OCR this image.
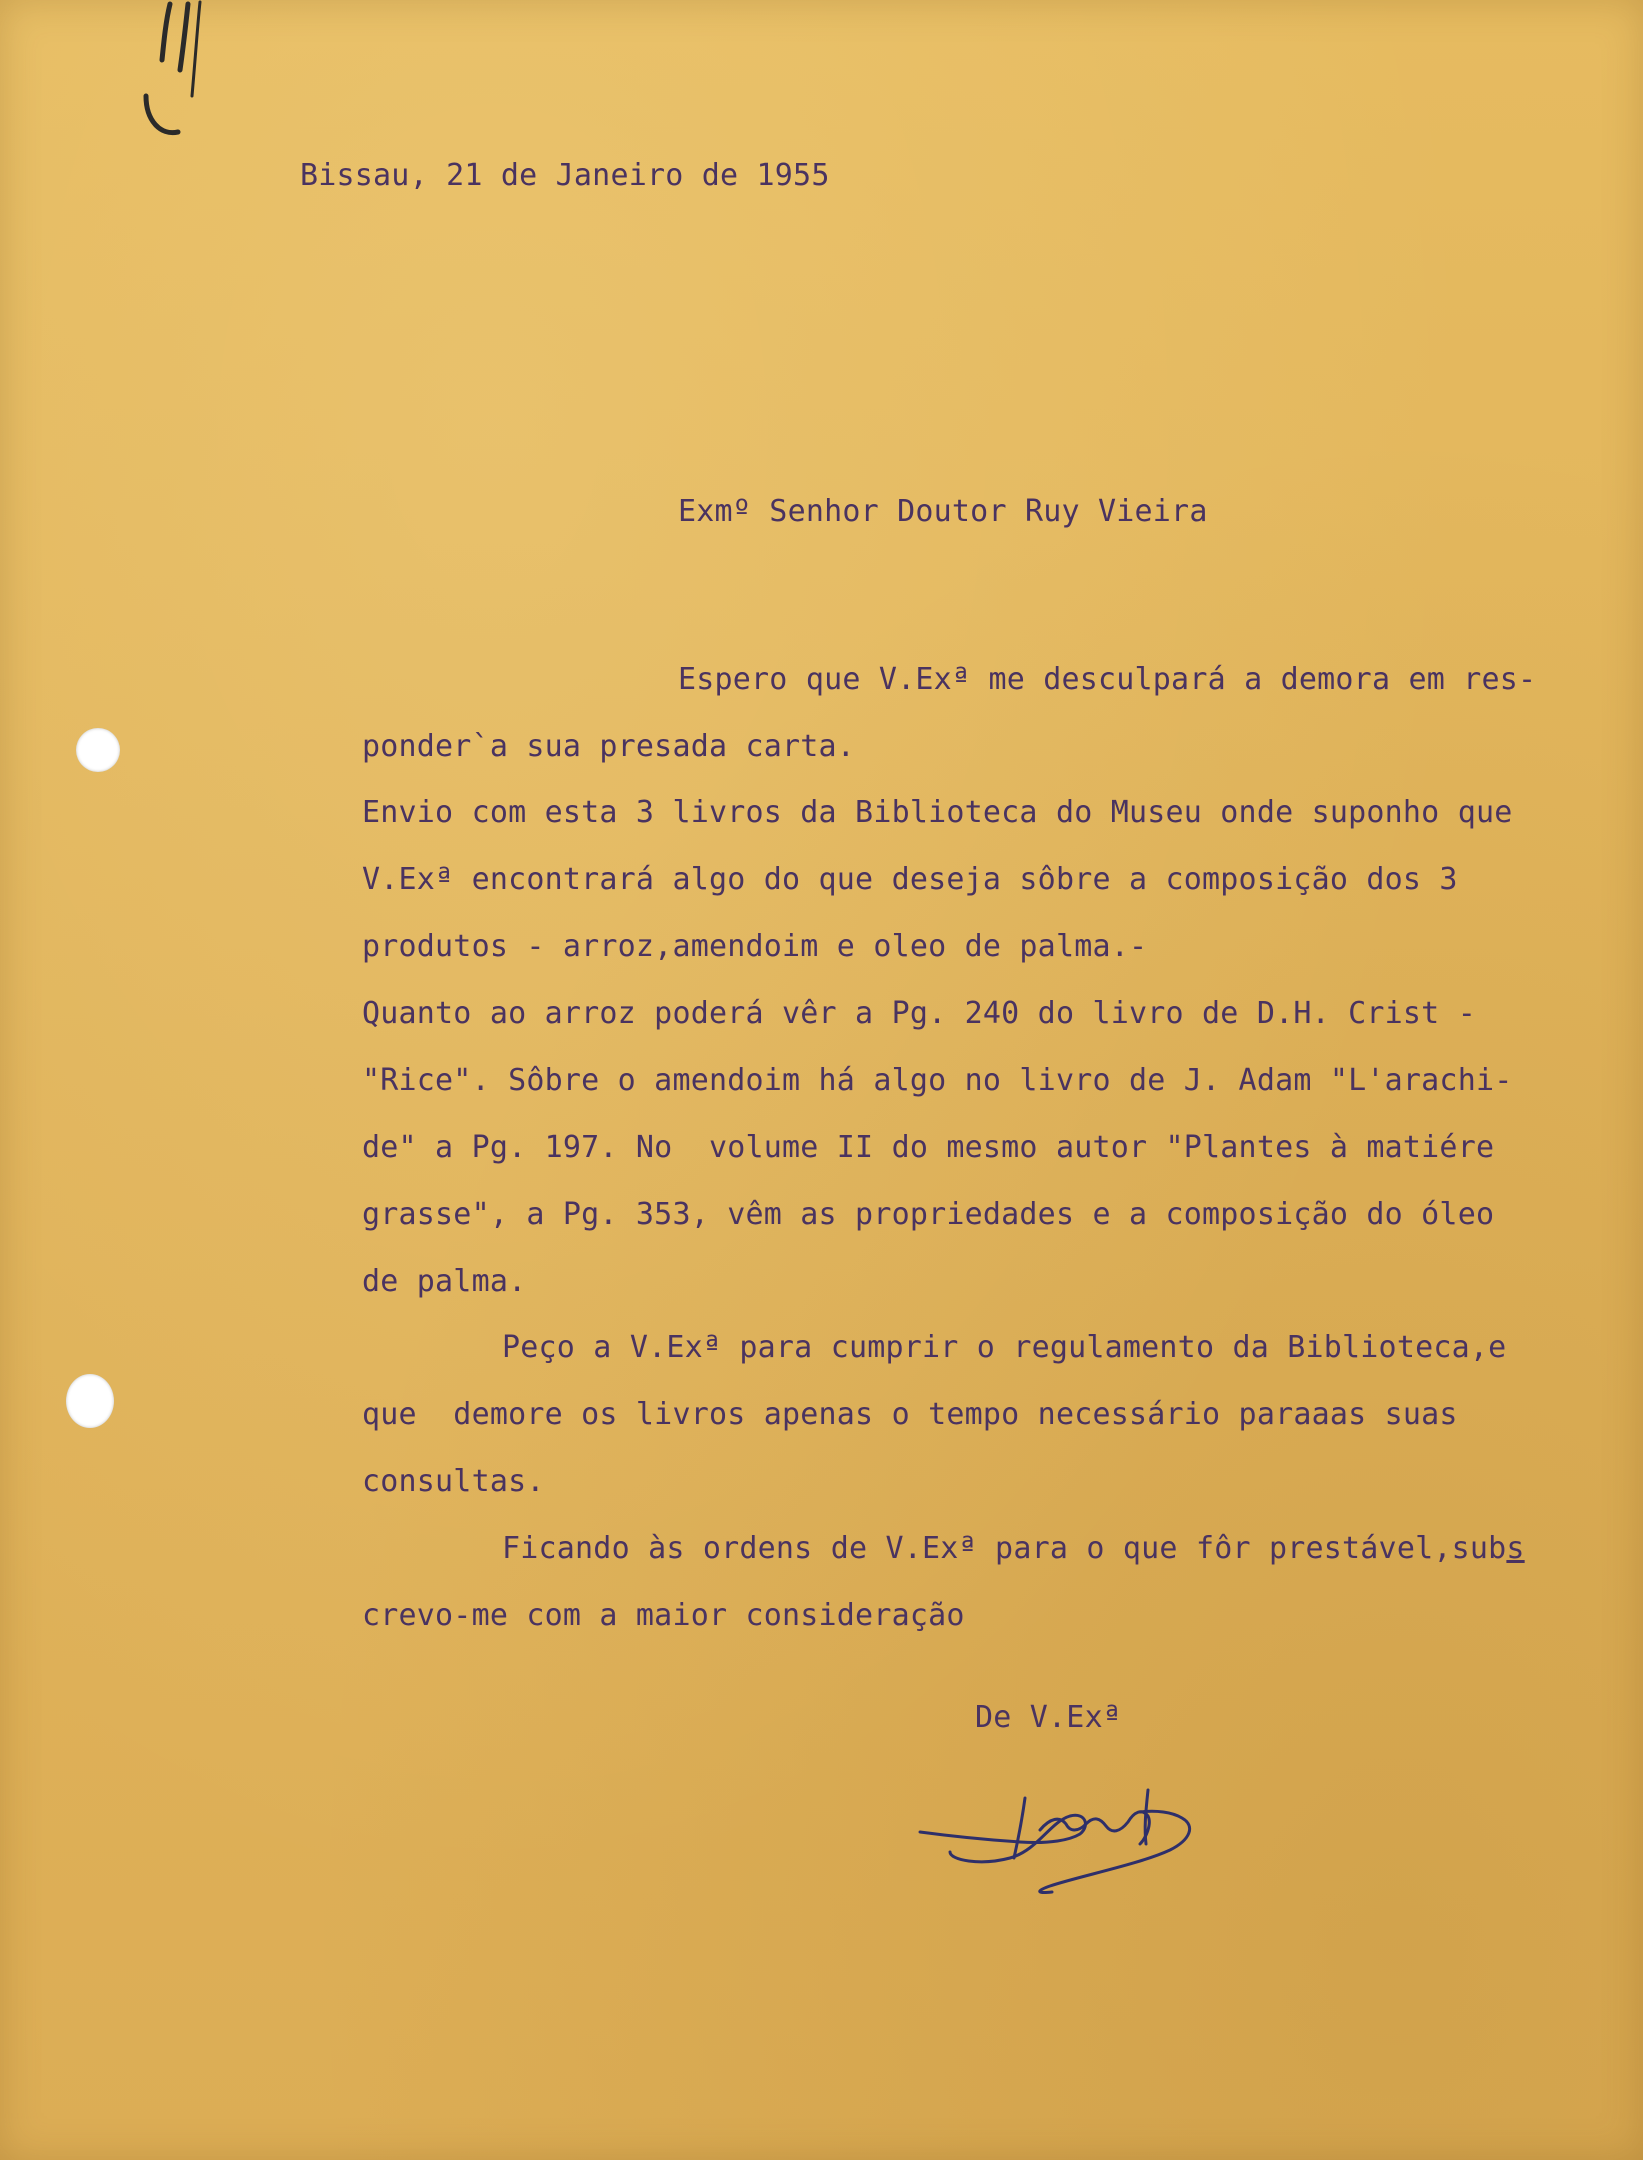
Bissau, 21 de Janeiro de 1955

Exmº Senhor Doutor Ruy Vieira

Espero que V.Exª me desculpará a demora em res-

ponder`a sua presada carta.

Envio com esta 3 livros da Biblioteca do Museu onde suponho que

V.Exª encontrará algo do que deseja sôbre a composição dos 3

produtos - arroz,amendoim e oleo de palma.-

Quanto ao arroz poderá vêr a Pg. 240 do livro de D.H. Crist -

"Rice". Sôbre o amendoim há algo no livro de J. Adam "L'arachi-

de" a Pg. 197. No  volume II do mesmo autor "Plantes à matiére

grasse", a Pg. 353, vêm as propriedades e a composição do óleo

de palma.

Peço a V.Exª para cumprir o regulamento da Biblioteca,e

que  demore os livros apenas o tempo necessário paraaas suas

consultas.

Ficando às ordens de V.Exª para o que fôr prestável,subs

crevo-me com a maior consideração

De V.Exª
